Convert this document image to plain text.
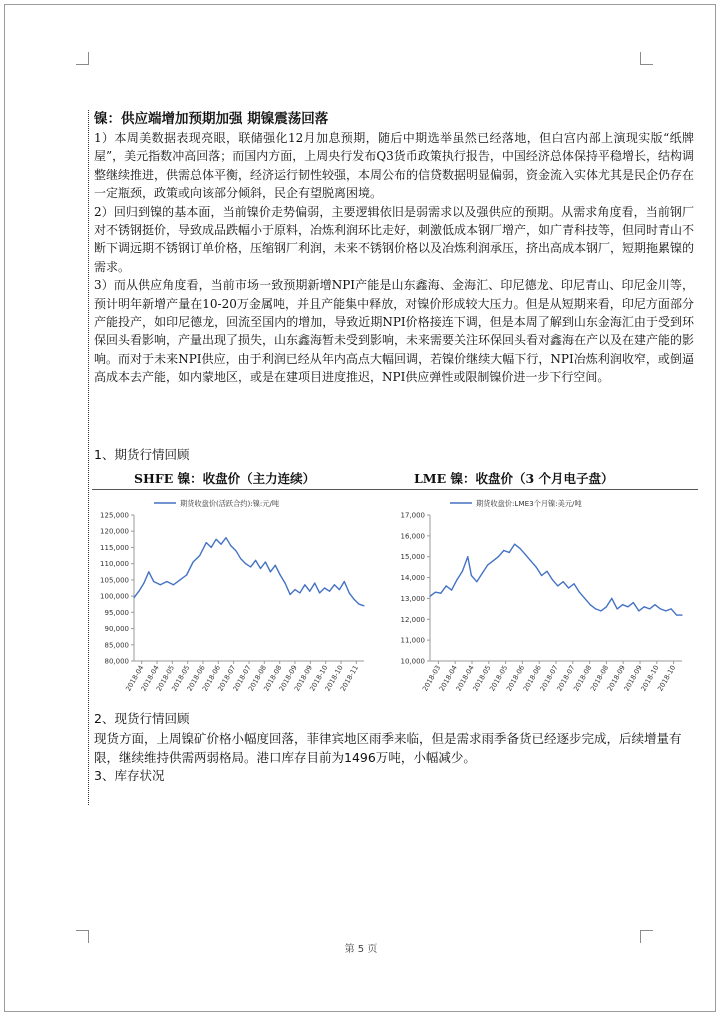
镍：供应端增加预期加强 期镍震荡回落

1）本周美数据表现亮眼，联储强化12月加息预期，随后中期选举虽然已经落地，但白宫内部上演现实版“纸牌屋”，美元指数冲高回落；而国内方面，上周央行发布Q3货币政策执行报告，中国经济总体保持平稳增长，结构调整继续推进，供需总体平衡，经济运行韧性较强，本周公布的信贷数据明显偏弱，资金流入实体尤其是民企仍存在一定瓶颈，政策或向该部分倾斜，民企有望脱离困境。

2）回归到镍的基本面，当前镍价走势偏弱，主要逻辑依旧是弱需求以及强供应的预期。从需求角度看，当前钢厂对不锈钢挺价，导致成品跌幅小于原料，冶炼利润环比走好，刺激低成本钢厂增产，如广青科技等，但同时青山不断下调远期不锈钢订单价格，压缩钢厂利润，未来不锈钢价格以及冶炼利润承压，挤出高成本钢厂，短期拖累镍的需求。

3）而从供应角度看，当前市场一致预期新增NPI产能是山东鑫海、金海汇、印尼德龙、印尼青山、印尼金川等，预计明年新增产量在10-20万金属吨，并且产能集中释放，对镍价形成较大压力。但是从短期来看，印尼方面部分产能投产，如印尼德龙，回流至国内的增加，导致近期NPI价格接连下调，但是本周了解到山东金海汇由于受到环保回头看影响，产量出现了损失，山东鑫海暂未受到影响，未来需要关注环保回头看对鑫海在产以及在建产能的影响。而对于未来NPI供应，由于利润已经从年内高点大幅回调，若镍价继续大幅下行，NPI冶炼利润收窄，或倒逼高成本去产能，如内蒙地区，或是在建项目进度推迟，NPI供应弹性或限制镍价进一步下行空间。

1、期货行情回顾
SHFE 镍：收盘价（主力连续）	LME 镍：收盘价（3 个月电子盘）
期货收盘价(活跃合约):镍:元/吨
80,000
85,000
90,000
95,000
100,000
105,000
110,000
115,000
120,000
125,000
2018-04
2018-04
2018-05
2018-05
2018-06
2018-06
2018-07
2018-07
2018-08
2018-08
2018-09
2018-09
2018-10
2018-10
2018-11
期货收盘价:LME3个月镍:美元/吨
10,000
11,000
12,000
13,000
14,000
15,000
16,000
17,000
2018-03
2018-04
2018-04
2018-05
2018-05
2018-06
2018-06
2018-07
2018-07
2018-08
2018-08
2018-09
2018-09
2018-10
2018-10
2、现货行情回顾

现货方面，上周镍矿价格小幅度回落，菲律宾地区雨季来临，但是需求雨季备货已经逐步完成，后续增量有限，继续维持供需两弱格局。港口库存目前为1496万吨，小幅减少。

3、库存状况
第 5 页
